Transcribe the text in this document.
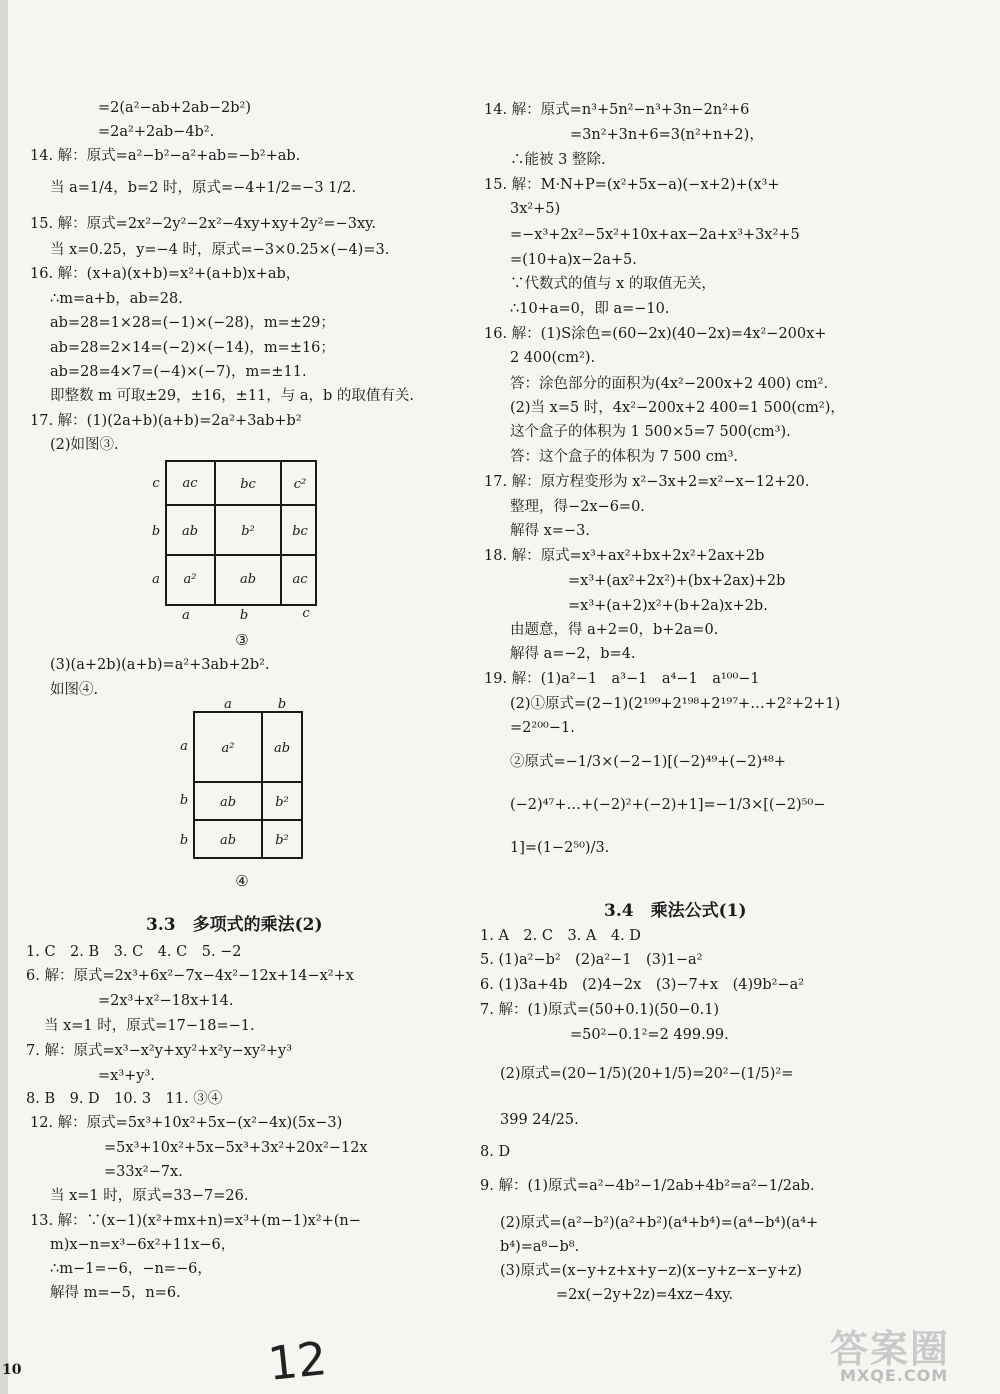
=2(a²−ab+2ab−2b²)
=2a²+2ab−4b².
14. 解：原式=a²−b²−a²+ab=−b²+ab.
当 a=1/4，b=2 时，原式=−4+1/2=−3 1/2.
15. 解：原式=2x²−2y²−2x²−4xy+xy+2y²=−3xy.
当 x=0.25，y=−4 时，原式=−3×0.25×(−4)=3.
16. 解：(x+a)(x+b)=x²+(a+b)x+ab，
∴m=a+b，ab=28.
ab=28=1×28=(−1)×(−28)，m=±29；
ab=28=2×14=(−2)×(−14)，m=±16；
ab=28=4×7=(−4)×(−7)，m=±11.
即整数 m 可取±29，±16，±11，与 a，b 的取值有关.
17. 解：(1)(2a+b)(a+b)=2a²+3ab+b²
(2)如图③.
ac	bc	c²
ab	b²	bc
a²	ab	ac
c
b
a
a	b	c
③
(3)(a+2b)(a+b)=a²+3ab+2b².
如图④.
a²	ab
ab	b²
ab	b²
a
b
b
a	b
④
3.3　多项式的乘法(2)
1. C　2. B　3. C　4. C　5. −2
6. 解：原式=2x³+6x²−7x−4x²−12x+14−x²+x
=2x³+x²−18x+14.
当 x=1 时，原式=17−18=−1.
7. 解：原式=x³−x²y+xy²+x²y−xy²+y³
=x³+y³.
8. B　9. D　10. 3　11. ③④
12. 解：原式=5x³+10x²+5x−(x²−4x)(5x−3)
=5x³+10x²+5x−5x³+3x²+20x²−12x
=33x²−7x.
当 x=1 时，原式=33−7=26.
13. 解：∵(x−1)(x²+mx+n)=x³+(m−1)x²+(n−
m)x−n=x³−6x²+11x−6，
∴m−1=−6，−n=−6，
解得 m=−5，n=6.
14. 解：原式=n³+5n²−n³+3n−2n²+6
=3n²+3n+6=3(n²+n+2)，
∴能被 3 整除.
15. 解：M·N+P=(x²+5x−a)(−x+2)+(x³+
3x²+5)
=−x³+2x²−5x²+10x+ax−2a+x³+3x²+5
=(10+a)x−2a+5.
∵代数式的值与 x 的取值无关，
∴10+a=0，即 a=−10.
16. 解：(1)S涂色=(60−2x)(40−2x)=4x²−200x+
2 400(cm²).
答：涂色部分的面积为(4x²−200x+2 400) cm².
(2)当 x=5 时，4x²−200x+2 400=1 500(cm²)，
这个盒子的体积为 1 500×5=7 500(cm³).
答：这个盒子的体积为 7 500 cm³.
17. 解：原方程变形为 x²−3x+2=x²−x−12+20.
整理，得−2x−6=0.
解得 x=−3.
18. 解：原式=x³+ax²+bx+2x²+2ax+2b
=x³+(ax²+2x²)+(bx+2ax)+2b
=x³+(a+2)x²+(b+2a)x+2b.
由题意，得 a+2=0，b+2a=0.
解得 a=−2，b=4.
19. 解：(1)a²−1　a³−1　a⁴−1　a¹⁰⁰−1
(2)①原式=(2−1)(2¹⁹⁹+2¹⁹⁸+2¹⁹⁷+…+2²+2+1)
=2²⁰⁰−1.
②原式=−1/3×(−2−1)[(−2)⁴⁹+(−2)⁴⁸+
(−2)⁴⁷+…+(−2)²+(−2)+1]=−1/3×[(−2)⁵⁰−
1]=(1−2⁵⁰)/3.
3.4　乘法公式(1)
1. A　2. C　3. A　4. D
5. (1)a²−b²　(2)a²−1　(3)1−a²
6. (1)3a+4b　(2)4−2x　(3)−7+x　(4)9b²−a²
7. 解：(1)原式=(50+0.1)(50−0.1)
=50²−0.1²=2 499.99.
(2)原式=(20−1/5)(20+1/5)=20²−(1/5)²=
399 24/25.
8. D
9. 解：(1)原式=a²−4b²−1/2ab+4b²=a²−1/2ab.
(2)原式=(a²−b²)(a²+b²)(a⁴+b⁴)=(a⁴−b⁴)(a⁴+
b⁴)=a⁸−b⁸.
(3)原式=(x−y+z+x+y−z)(x−y+z−x−y+z)
=2x(−2y+2z)=4xz−4xy.
10	12	答案圈
MXQE.COM
